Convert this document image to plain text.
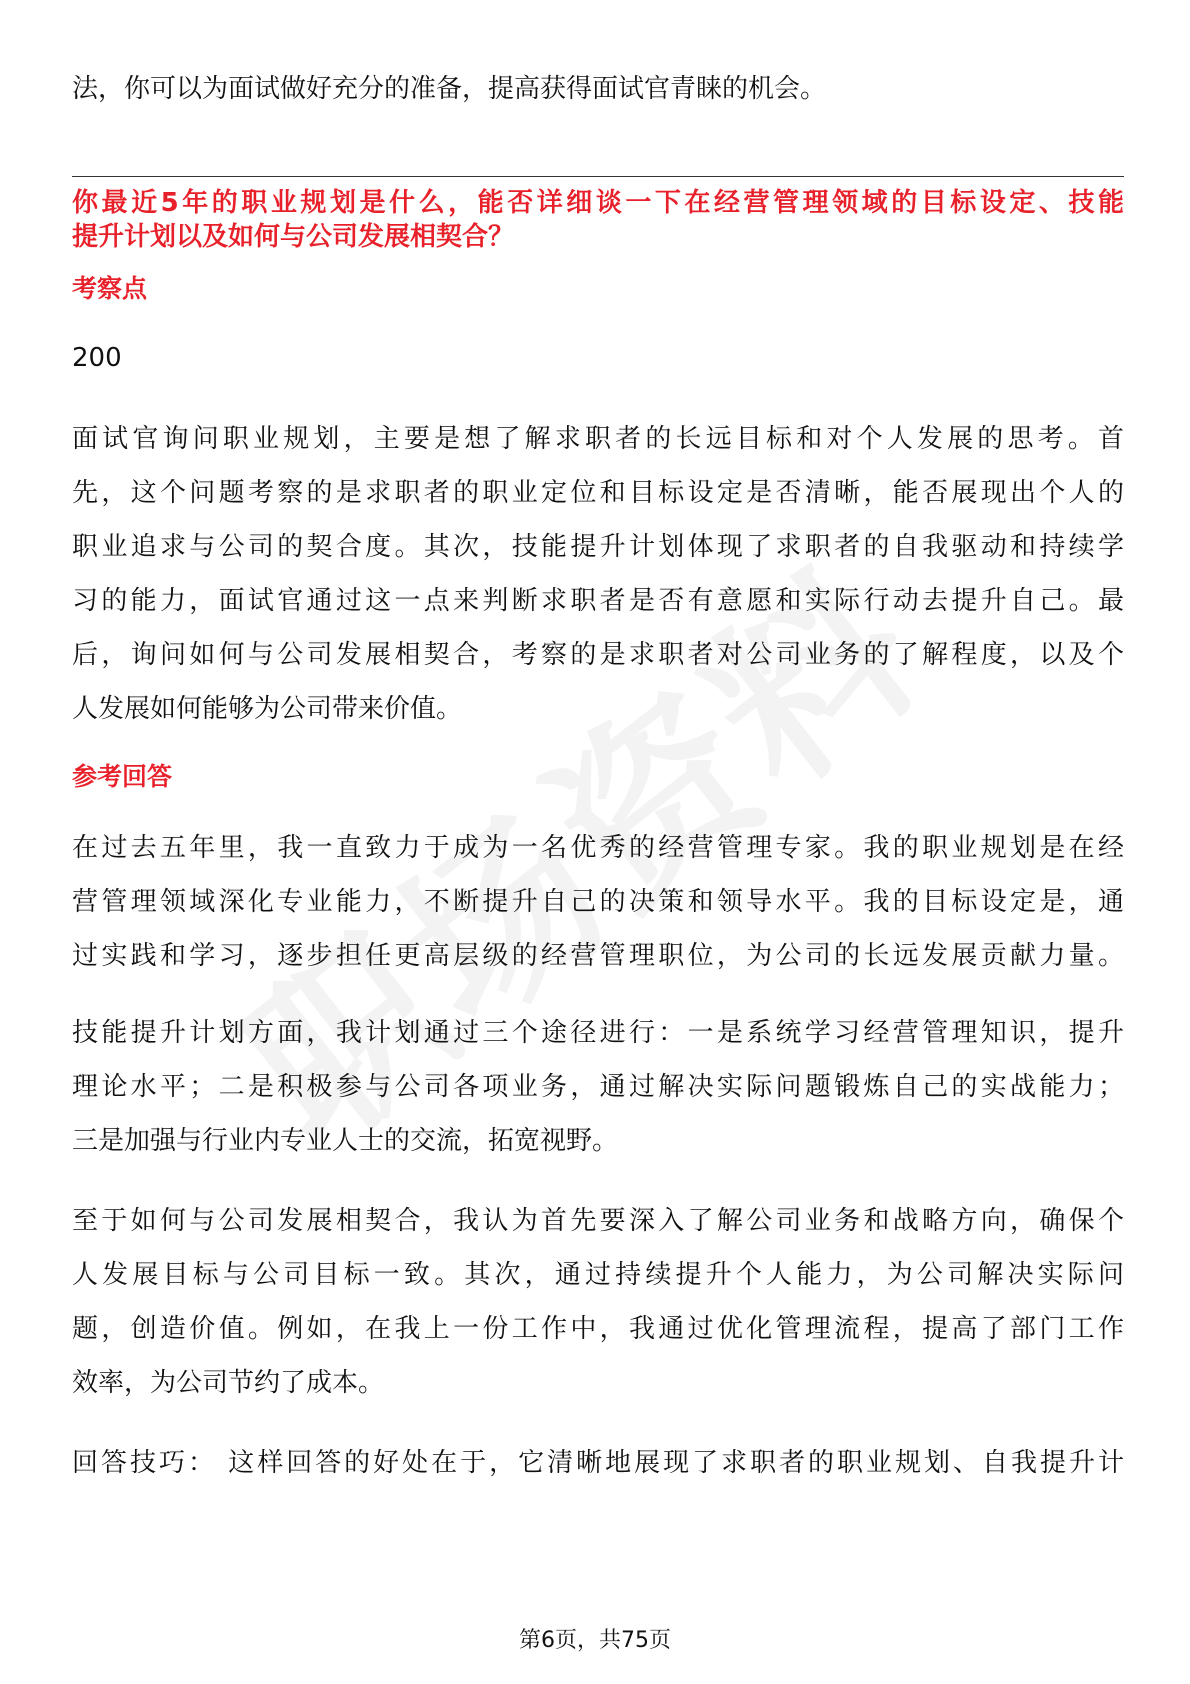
法，你可以为面试做好充分的准备，提高获得面试官青睐的机会。
你最近5年的职业规划是什么，能否详细谈一下在经营管理领域的目标设定、技能
提升计划以及如何与公司发展相契合？
考察点
200
面试官询问职业规划，主要是想了解求职者的长远目标和对个人发展的思考。首
先，这个问题考察的是求职者的职业定位和目标设定是否清晰，能否展现出个人的
职业追求与公司的契合度。其次，技能提升计划体现了求职者的自我驱动和持续学
习的能力，面试官通过这一点来判断求职者是否有意愿和实际行动去提升自己。最
后，询问如何与公司发展相契合，考察的是求职者对公司业务的了解程度，以及个
人发展如何能够为公司带来价值。
参考回答
在过去五年里，我一直致力于成为一名优秀的经营管理专家。我的职业规划是在经
营管理领域深化专业能力，不断提升自己的决策和领导水平。我的目标设定是，通
过实践和学习，逐步担任更高层级的经营管理职位，为公司的长远发展贡献力量。
技能提升计划方面，我计划通过三个途径进行：一是系统学习经营管理知识，提升
理论水平；二是积极参与公司各项业务，通过解决实际问题锻炼自己的实战能力；
三是加强与行业内专业人士的交流，拓宽视野。
至于如何与公司发展相契合，我认为首先要深入了解公司业务和战略方向，确保个
人发展目标与公司目标一致。其次，通过持续提升个人能力，为公司解决实际问
题，创造价值。例如，在我上一份工作中，我通过优化管理流程，提高了部门工作
效率，为公司节约了成本。
回答技巧： 这样回答的好处在于，它清晰地展现了求职者的职业规划、自我提升计
第6页，共75页
